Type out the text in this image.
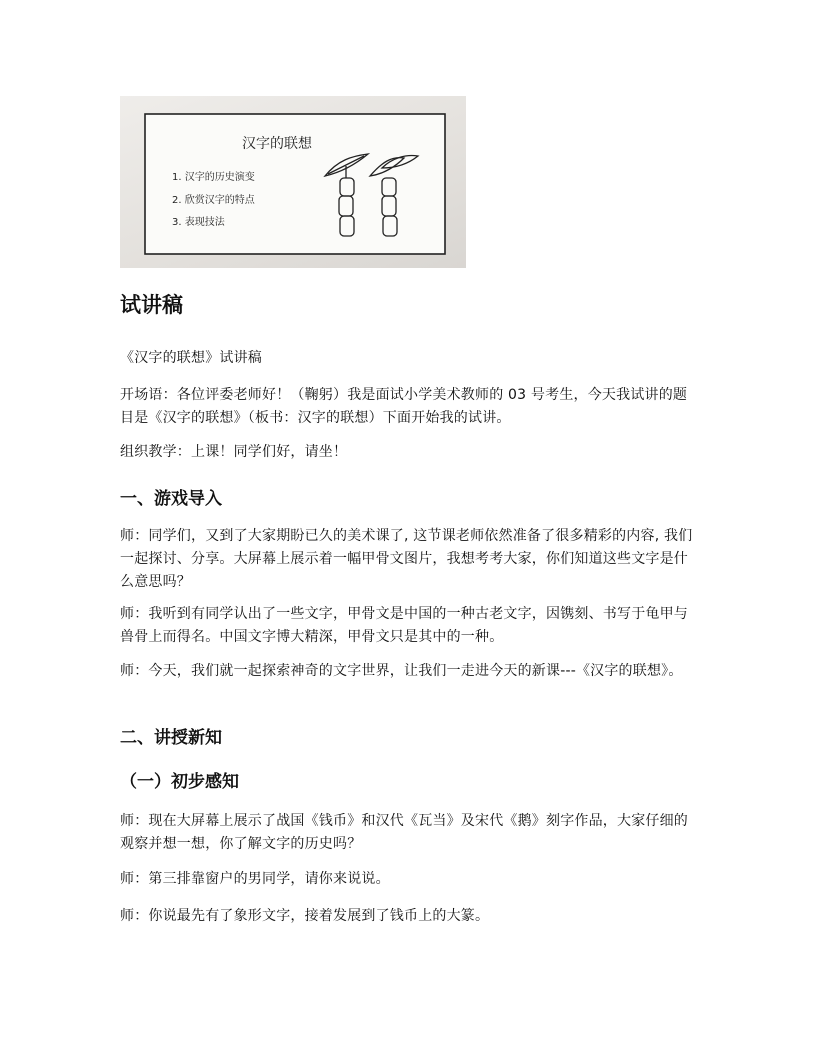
汉字的联想
1. 汉字的历史演变
2. 欣赏汉字的特点
3. 表现技法
试讲稿

《汉字的联想》试讲稿

开场语：各位评委老师好！（鞠躬）我是面试小学美术教师的 03 号考生，今天我试讲的题目是《汉字的联想》（板书：汉字的联想）下面开始我的试讲。

组织教学：上课！同学们好，请坐！

一、游戏导入

师：同学们，又到了大家期盼已久的美术课了, 这节课老师依然准备了很多精彩的内容, 我们一起探讨、分享。大屏幕上展示着一幅甲骨文图片，我想考考大家，你们知道这些文字是什么意思吗？

师：我听到有同学认出了一些文字，甲骨文是中国的一种古老文字，因镌刻、书写于龟甲与兽骨上而得名。中国文字博大精深，甲骨文只是其中的一种。

师：今天，我们就一起探索神奇的文字世界，让我们一走进今天的新课---《汉字的联想》。

二、讲授新知
（一）初步感知

师：现在大屏幕上展示了战国《钱币》和汉代《瓦当》及宋代《鹅》刻字作品，大家仔细的观察并想一想，你了解文字的历史吗？

师：第三排靠窗户的男同学，请你来说说。

师：你说最先有了象形文字，接着发展到了钱币上的大篆。
